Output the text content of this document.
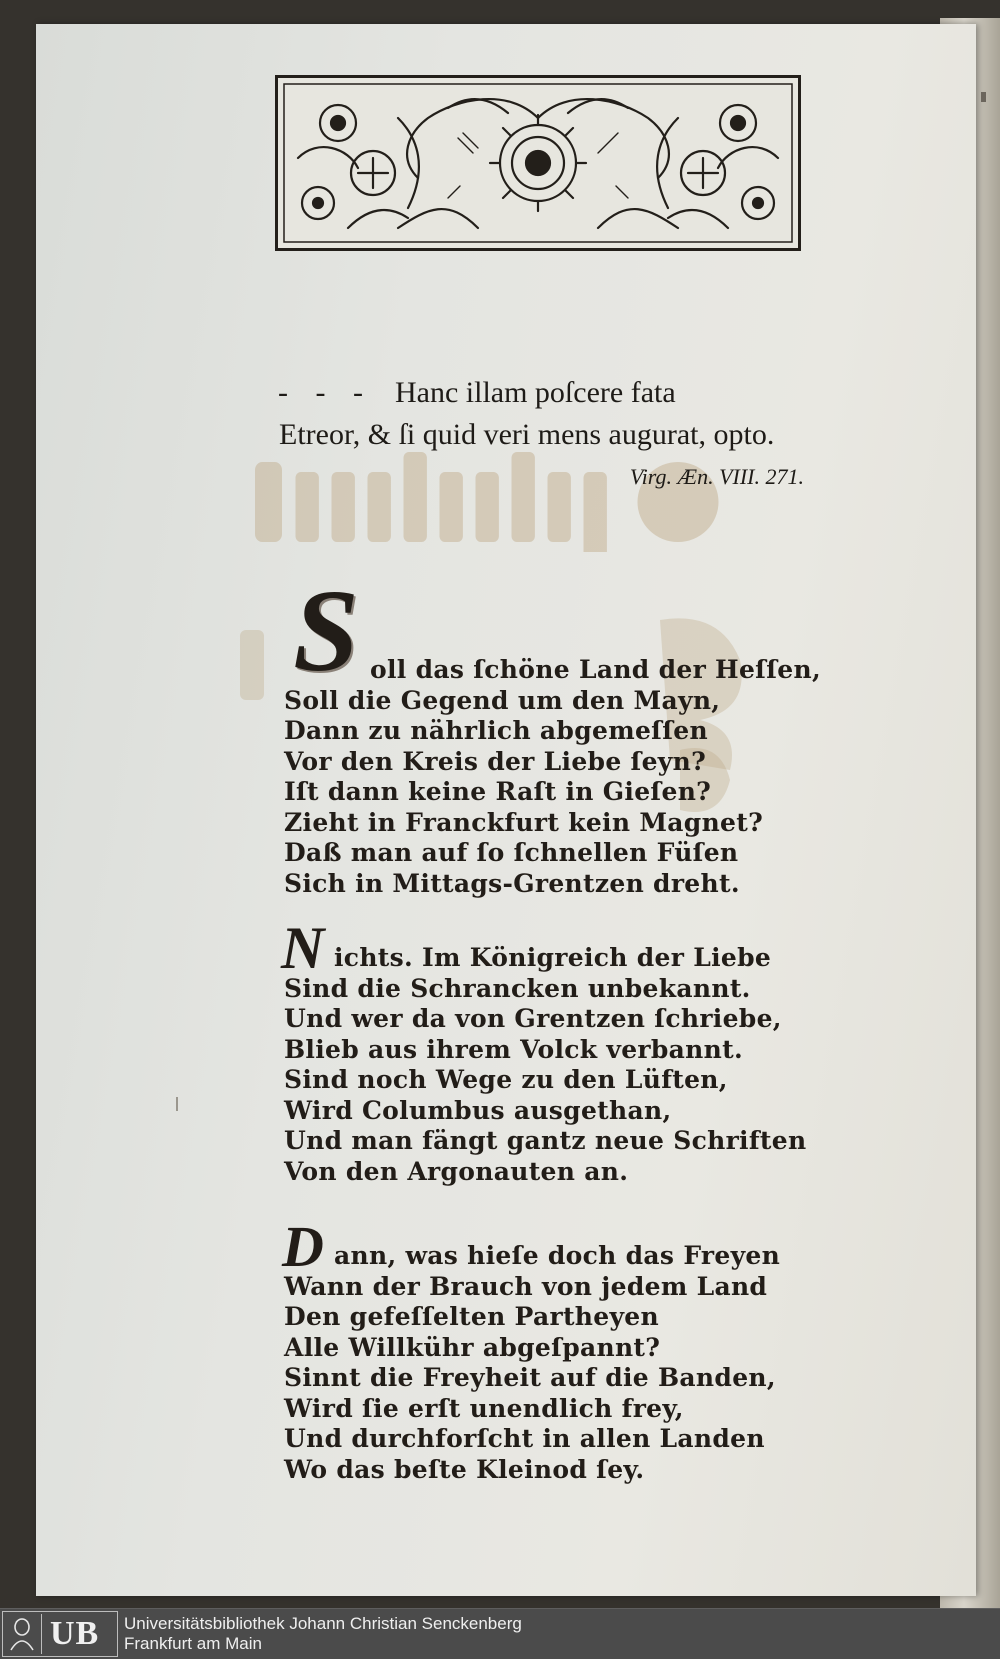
- - - Hanc illam poſcere fata
Etreor, & ſi quid veri mens augurat, opto.
Virg. Æn. VIII. 271.
S oll das ſchöne Land der Heſſen,
Soll die Gegend um den Mayn,
Dann zu nährlich abgemeſſen
Vor den Kreis der Liebe ſeyn?
Iſt dann keine Raſt in Gieſen?
Zieht in Franckfurt kein Magnet?
Daß man auf ſo ſchnellen Füſen
Sich in Mittags-Grentzen dreht.
N ichts. Im Königreich der Liebe
Sind die Schrancken unbekannt.
Und wer da von Grentzen ſchriebe,
Blieb aus ihrem Volck verbannt.
Sind noch Wege zu den Lüften,
Wird Columbus ausgethan,
Und man fängt gantz neue Schriften
Von den Argonauten an.
D ann, was hieſe doch das Freyen
Wann der Brauch von jedem Land
Den gefeſſelten Partheyen
Alle Willkühr abgeſpannt?
Sinnt die Freyheit auf die Banden,
Wird ſie erſt unendlich frey,
Und durchforſcht in allen Landen
Wo das beſte Kleinod ſey.
UB Universitätsbibliothek Johann Christian Senckenberg
Frankfurt am Main
